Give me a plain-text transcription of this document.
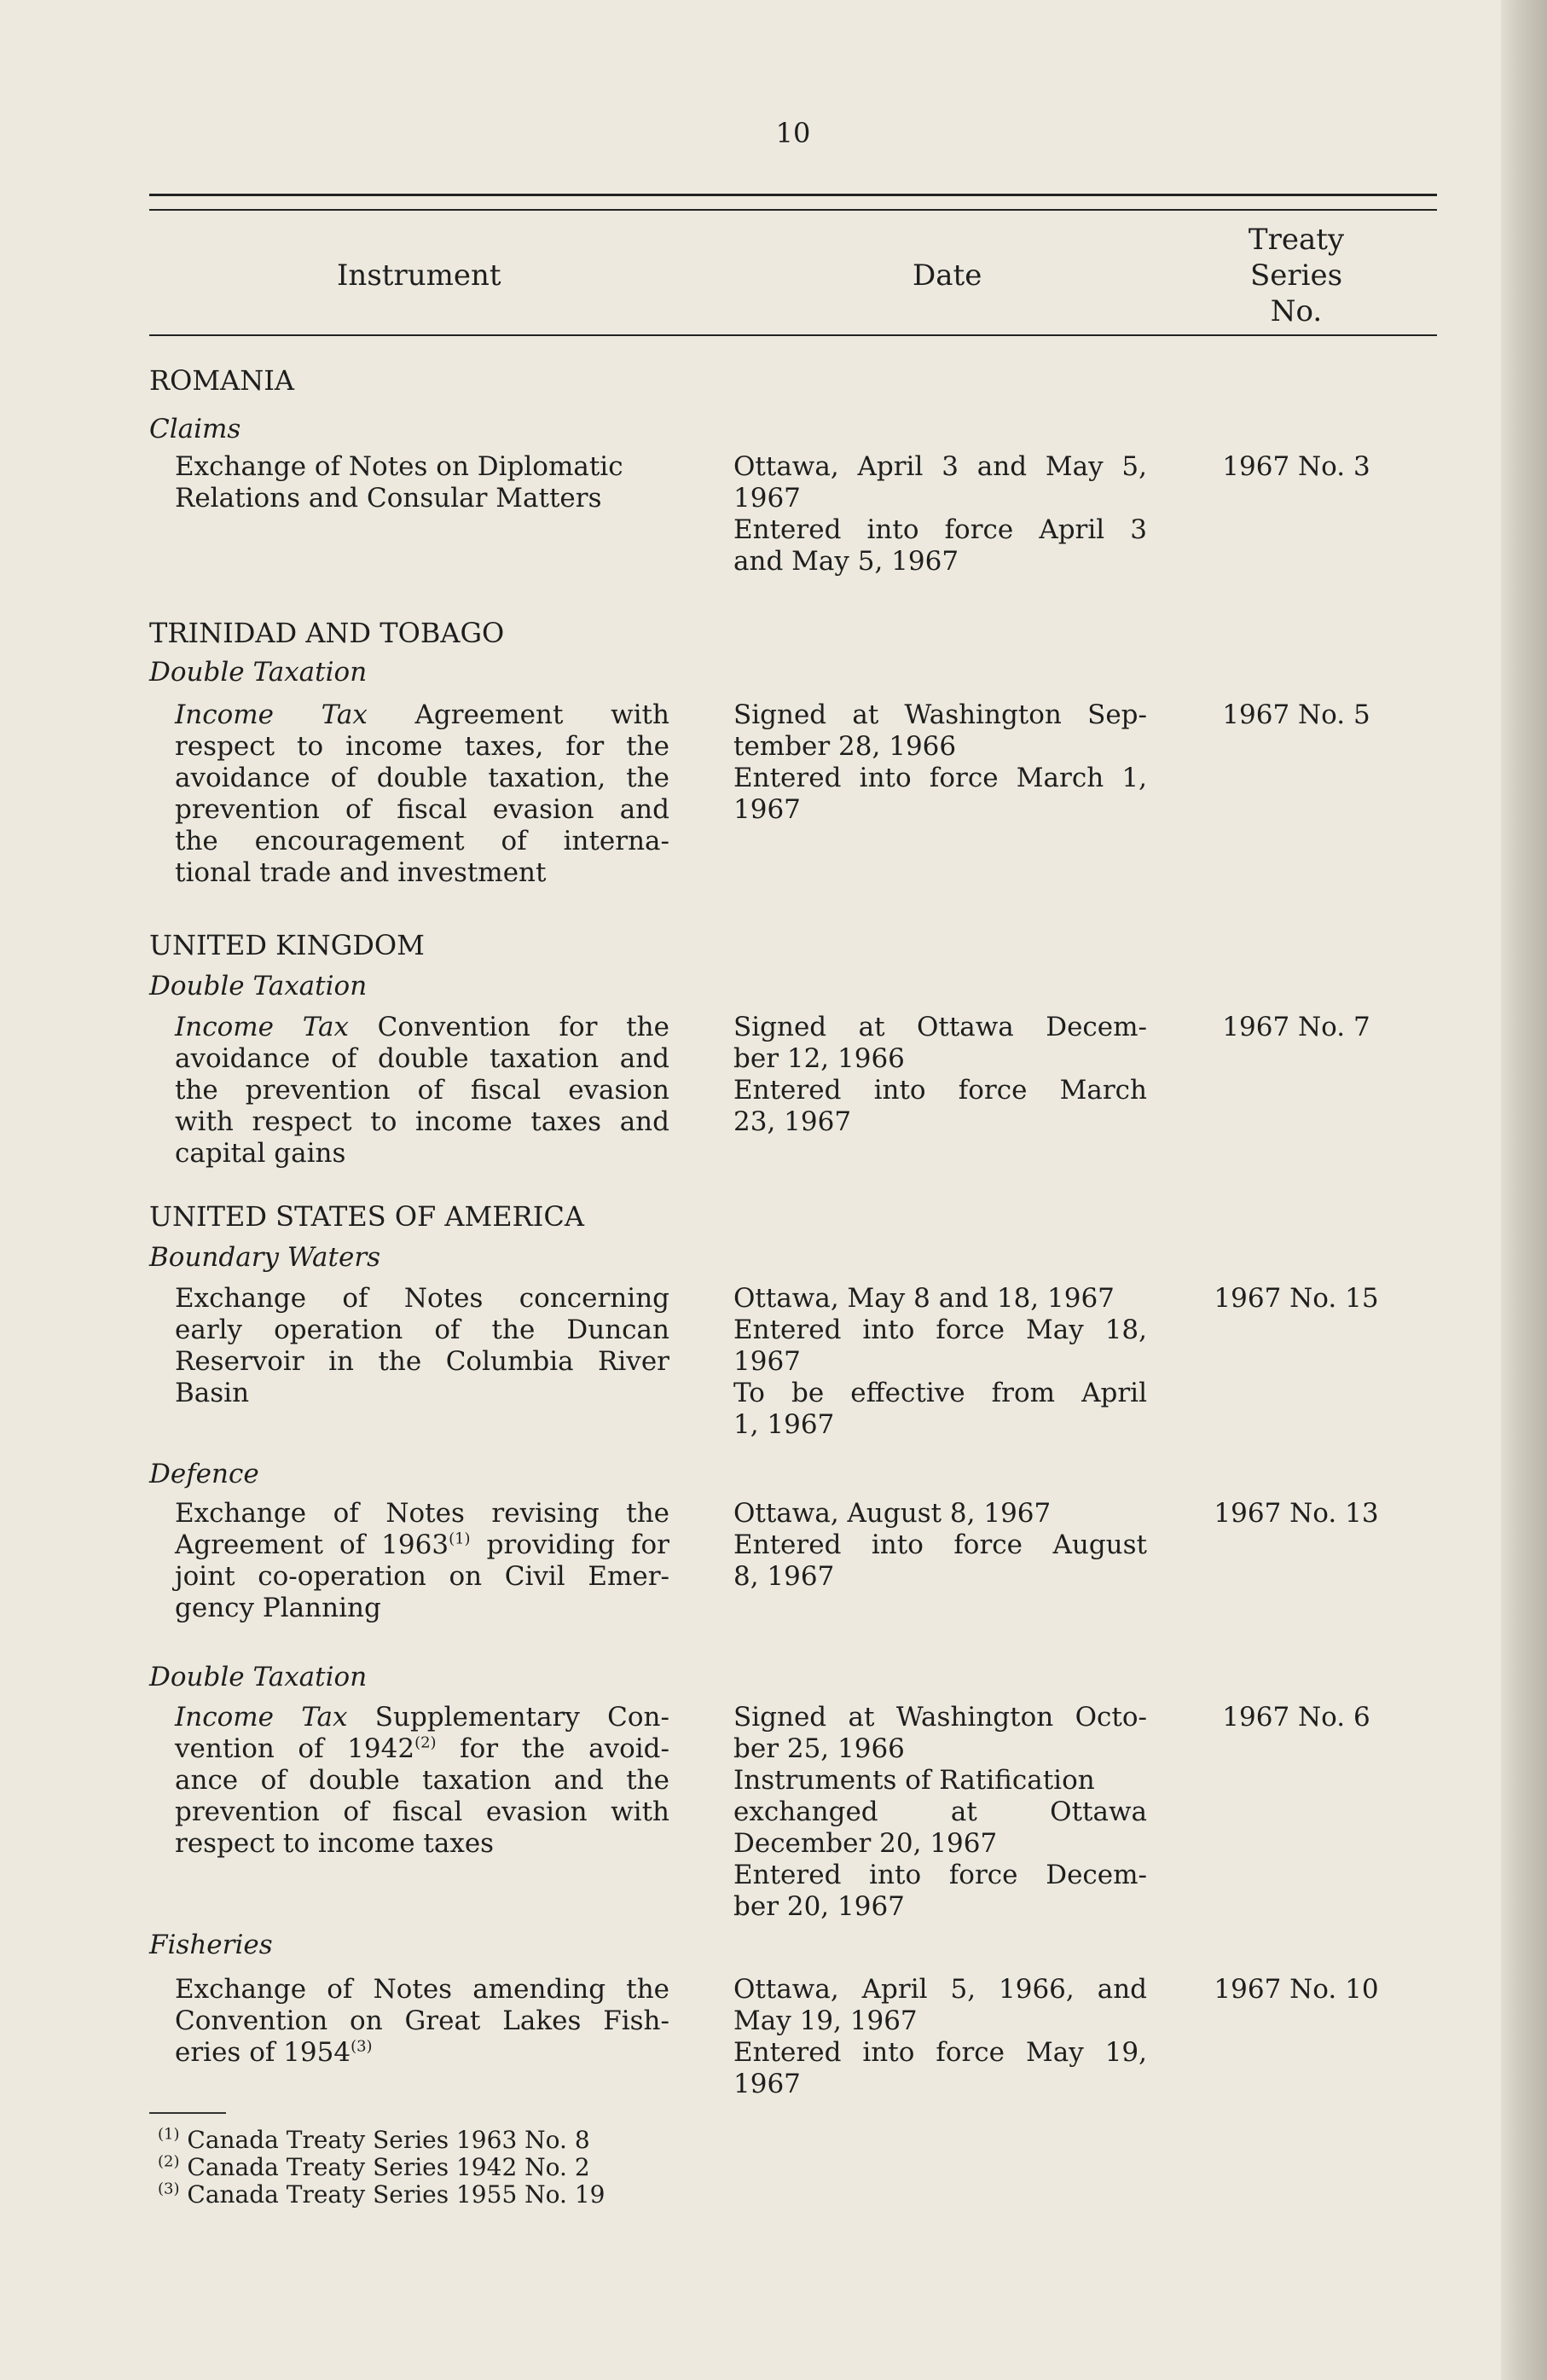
10
Instrument	Date
Treaty
Series
No.
ROMANIA
Claims
Exchange of Notes on Diplomatic
Relations and Consular Matters
Ottawa, April 3 and May 5,
1967
Entered into force April 3
and May 5, 1967
1967 No. 3
TRINIDAD AND TOBAGO
Double Taxation
Income Tax Agreement with
respect to income taxes, for the
avoidance of double taxation, the
prevention of fiscal evasion and
the encouragement of interna-
tional trade and investment
Signed at Washington Sep-
tember 28, 1966
Entered into force March 1,
1967
1967 No. 5
UNITED KINGDOM
Double Taxation
Income Tax Convention for the
avoidance of double taxation and
the prevention of fiscal evasion
with respect to income taxes and
capital gains
Signed at Ottawa Decem-
ber 12, 1966
Entered into force March
23, 1967
1967 No. 7
UNITED STATES OF AMERICA
Boundary Waters
Exchange of Notes concerning
early operation of the Duncan
Reservoir in the Columbia River
Basin
Ottawa, May 8 and 18, 1967
Entered into force May 18,
1967
To be effective from April
1, 1967
1967 No. 15
Defence
Exchange of Notes revising the
Agreement of 1963$^{(1)}$ providing for
joint co-operation on Civil Emer-
gency Planning
Ottawa, August 8, 1967
Entered into force August
8, 1967
1967 No. 13
Double Taxation
Income Tax Supplementary Con-
vention of 1942$^{(2)}$ for the avoid-
ance of double taxation and the
prevention of fiscal evasion with
respect to income taxes
Signed at Washington Octo-
ber 25, 1966
Instruments of Ratification
exchanged at Ottawa
December 20, 1967
Entered into force Decem-
ber 20, 1967
1967 No. 6
Fisheries
Exchange of Notes amending the
Convention on Great Lakes Fish-
eries of 1954$^{(3)}$
Ottawa, April 5, 1966, and
May 19, 1967
Entered into force May 19,
1967
1967 No. 10
$^{(1)}$ Canada Treaty Series 1963 No. 8
$^{(2)}$ Canada Treaty Series 1942 No. 2
$^{(3)}$ Canada Treaty Series 1955 No. 19
